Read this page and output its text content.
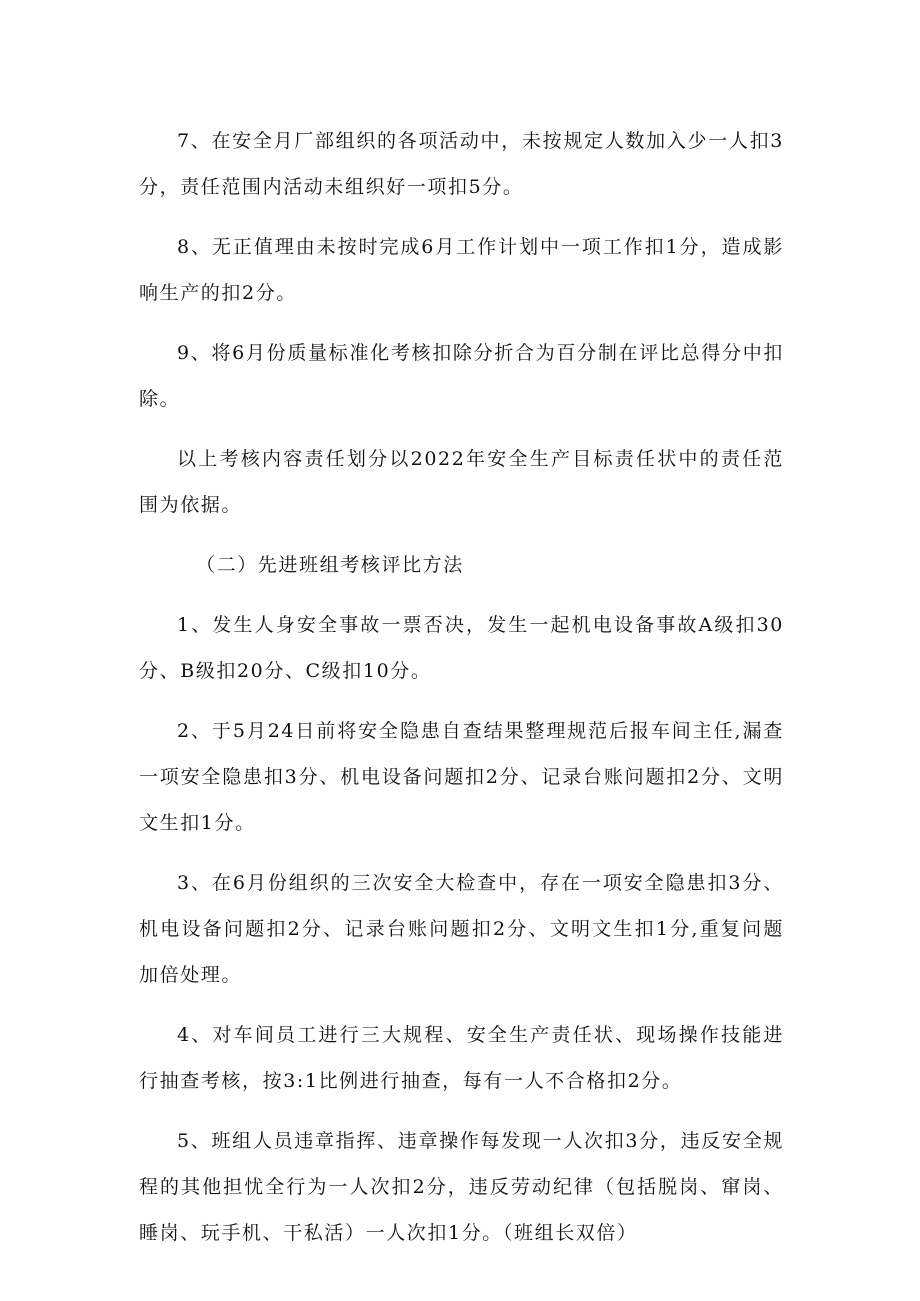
7、在安全月厂部组织的各项活动中，未按规定人数加入少一人扣3分，责任范围内活动未组织好一项扣5分。

8、无正值理由未按时完成6月工作计划中一项工作扣1分，造成影响生产的扣2分。

9、将6月份质量标准化考核扣除分折合为百分制在评比总得分中扣除。

以上考核内容责任划分以2022年安全生产目标责任状中的责任范围为依据。

（二）先进班组考核评比方法

1、发生人身安全事故一票否决，发生一起机电设备事故A级扣30分、B级扣20分、C级扣10分。

2、于5月24日前将安全隐患自查结果整理规范后报车间主任,漏查一项安全隐患扣3分、机电设备问题扣2分、记录台账问题扣2分、文明文生扣1分。

3、在6月份组织的三次安全大检查中，存在一项安全隐患扣3分、机电设备问题扣2分、记录台账问题扣2分、文明文生扣1分,重复问题加倍处理。

4、对车间员工进行三大规程、安全生产责任状、现场操作技能进行抽查考核，按3:1比例进行抽查，每有一人不合格扣2分。

5、班组人员违章指挥、违章操作每发现一人次扣3分，违反安全规程的其他担忧全行为一人次扣2分，违反劳动纪律（包括脱岗、窜岗、睡岗、玩手机、干私活）一人次扣1分。（班组长双倍）
